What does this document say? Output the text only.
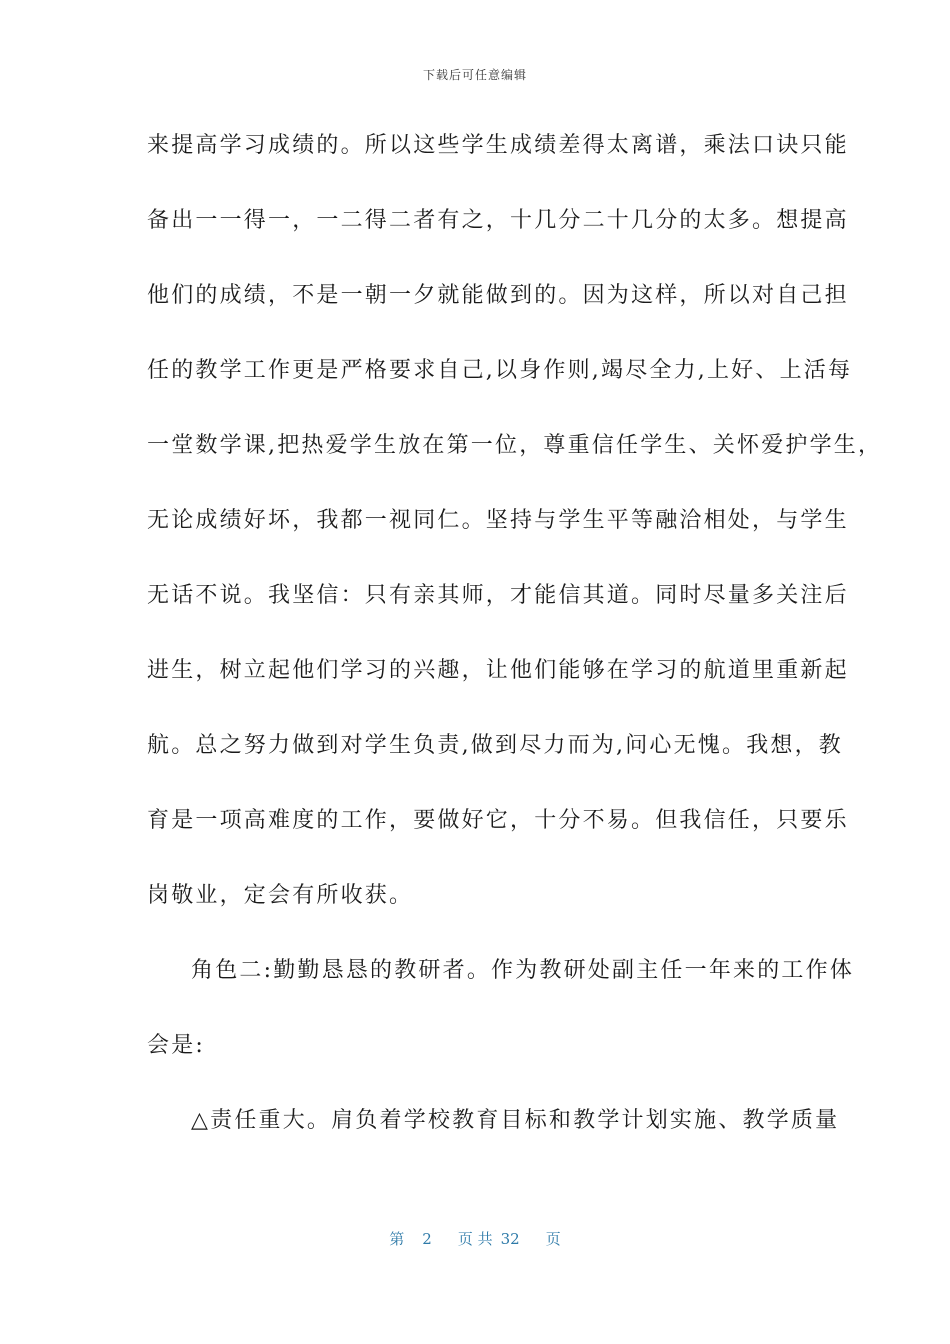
下载后可任意编辑
来提高学习成绩的。所以这些学生成绩差得太离谱，乘法口诀只能
备出一一得一，一二得二者有之，十几分二十几分的太多。想提高
他们的成绩，不是一朝一夕就能做到的。因为这样，所以对自己担
任的教学工作更是严格要求自己,以身作则,竭尽全力,上好、上活每
一堂数学课,把热爱学生放在第一位，尊重信任学生、关怀爱护学生，
无论成绩好坏，我都一视同仁。坚持与学生平等融洽相处，与学生
无话不说。我坚信：只有亲其师，才能信其道。同时尽量多关注后
进生，树立起他们学习的兴趣，让他们能够在学习的航道里重新起
航。总之努力做到对学生负责,做到尽力而为,问心无愧。我想，教
育是一项高难度的工作，要做好它，十分不易。但我信任，只要乐
岗敬业，定会有所收获。
角色二:勤勤恳恳的教研者。作为教研处副主任一年来的工作体
会是:
△责任重大。肩负着学校教育目标和教学计划实施、教学质量
第 2 页 共 32 页
